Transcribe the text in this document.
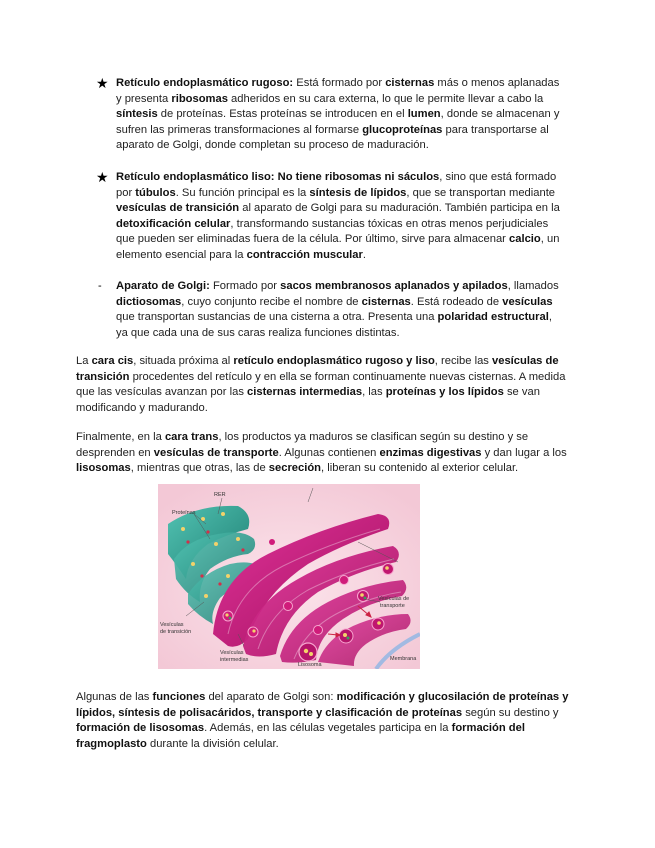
★ Retículo endoplasmático rugoso: Está formado por cisternas más o menos aplanadas y presenta ribosomas adheridos en su cara externa, lo que le permite llevar a cabo la síntesis de proteínas. Estas proteínas se introducen en el lumen, donde se almacenan y sufren las primeras transformaciones al formarse glucoproteínas para transportarse al aparato de Golgi, donde completan su proceso de maduración.
★ Retículo endoplasmático liso: No tiene ribosomas ni sáculos, sino que está formado por túbulos. Su función principal es la síntesis de lípidos, que se transportan mediante vesículas de transición al aparato de Golgi para su maduración. También participa en la detoxificación celular, transformando sustancias tóxicas en otras menos perjudiciales que pueden ser eliminadas fuera de la célula. Por último, sirve para almacenar calcio, un elemento esencial para la contracción muscular.
-	Aparato de Golgi: Formado por sacos membranosos aplanados y apilados, llamados dictiosomas, cuyo conjunto recibe el nombre de cisternas. Está rodeado de vesículas que transportan sustancias de una cisterna a otra. Presenta una polaridad estructural, ya que cada una de sus caras realiza funciones distintas.
La cara cis, situada próxima al retículo endoplasmático rugoso y liso, recibe las vesículas de transición procedentes del retículo y en ella se forman continuamente nuevas cisternas. A medida que las vesículas avanzan por las cisternas intermedias, las proteínas y los lípidos se van modificando y madurando.
Finalmente, en la cara trans, los productos ya maduros se clasifican según su destino y se desprenden en vesículas de transporte. Algunas contienen enzimas digestivas y dan lugar a los lisosomas, mientras que otras, las de secreción, liberan su contenido al exterior celular.
RER
Proteínas
Vesículas
de transición
Vesículas
intermedias
Lisosoma
Vesículas de
transporte
Membrana
Algunas de las funciones del aparato de Golgi son: modificación y glucosilación de proteínas y lípidos, síntesis de polisacáridos, transporte y clasificación de proteínas según su destino y formación de lisosomas. Además, en las células vegetales participa en la formación del fragmoplasto durante la división celular.
